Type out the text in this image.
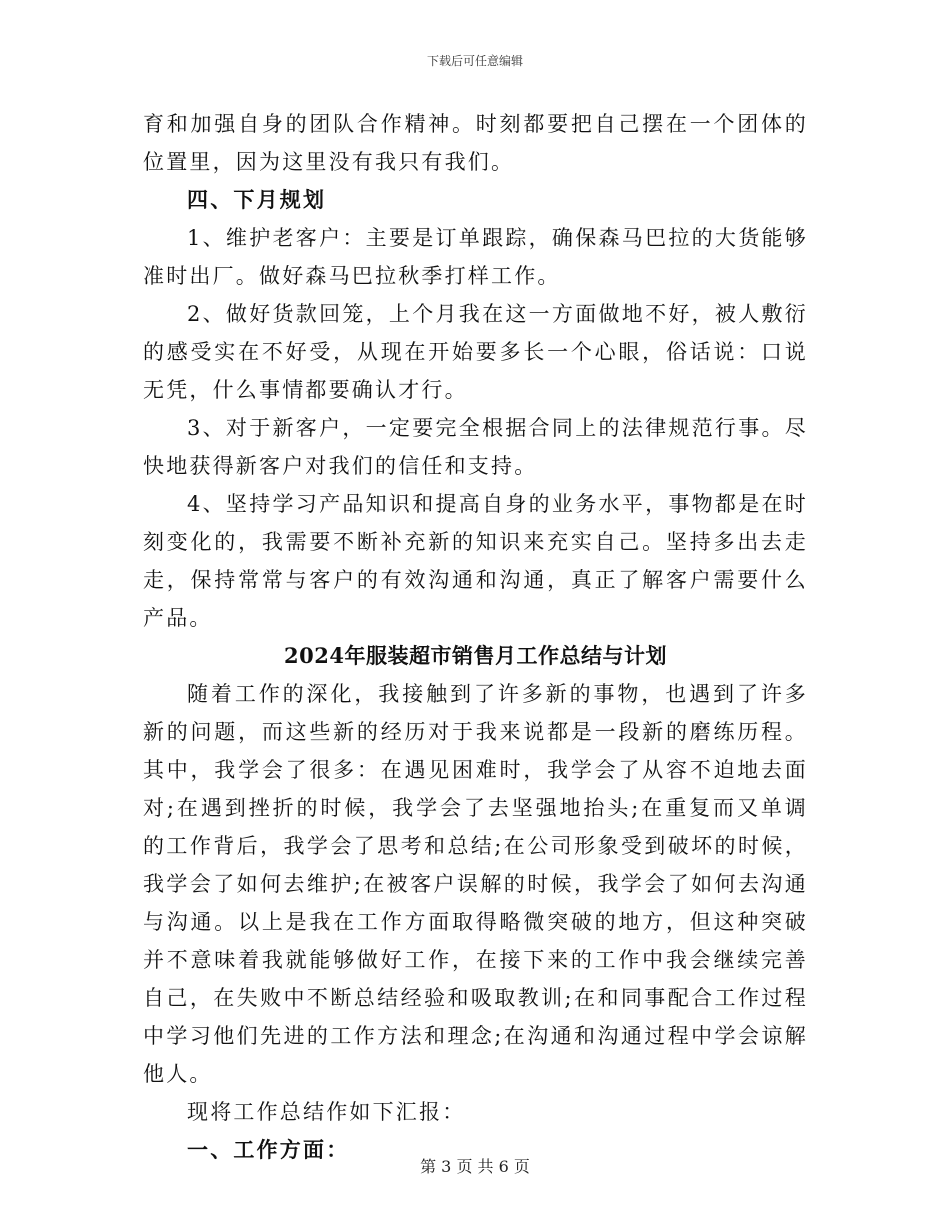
下载后可任意编辑

育和加强自身的团队合作精神。时刻都要把自己摆在一个团体的位置里，因为这里没有我只有我们。

四、下月规划

1、维护老客户：主要是订单跟踪，确保森马巴拉的大货能够准时出厂。做好森马巴拉秋季打样工作。

2、做好货款回笼，上个月我在这一方面做地不好，被人敷衍的感受实在不好受，从现在开始要多长一个心眼，俗话说：口说无凭，什么事情都要确认才行。

3、对于新客户，一定要完全根据合同上的法律规范行事。尽快地获得新客户对我们的信任和支持。

4、坚持学习产品知识和提高自身的业务水平，事物都是在时刻变化的，我需要不断补充新的知识来充实自己。坚持多出去走走，保持常常与客户的有效沟通和沟通，真正了解客户需要什么产品。

2024年服装超市销售月工作总结与计划

随着工作的深化，我接触到了许多新的事物，也遇到了许多新的问题，而这些新的经历对于我来说都是一段新的磨练历程。其中，我学会了很多：在遇见困难时，我学会了从容不迫地去面对;在遇到挫折的时候，我学会了去坚强地抬头;在重复而又单调的工作背后，我学会了思考和总结;在公司形象受到破坏的时候，我学会了如何去维护;在被客户误解的时候，我学会了如何去沟通与沟通。以上是我在工作方面取得略微突破的地方，但这种突破并不意味着我就能够做好工作，在接下来的工作中我会继续完善自己，在失败中不断总结经验和吸取教训;在和同事配合工作过程中学习他们先进的工作方法和理念;在沟通和沟通过程中学会谅解他人。

现将工作总结作如下汇报：

一、工作方面：

第 3 页 共 6 页
